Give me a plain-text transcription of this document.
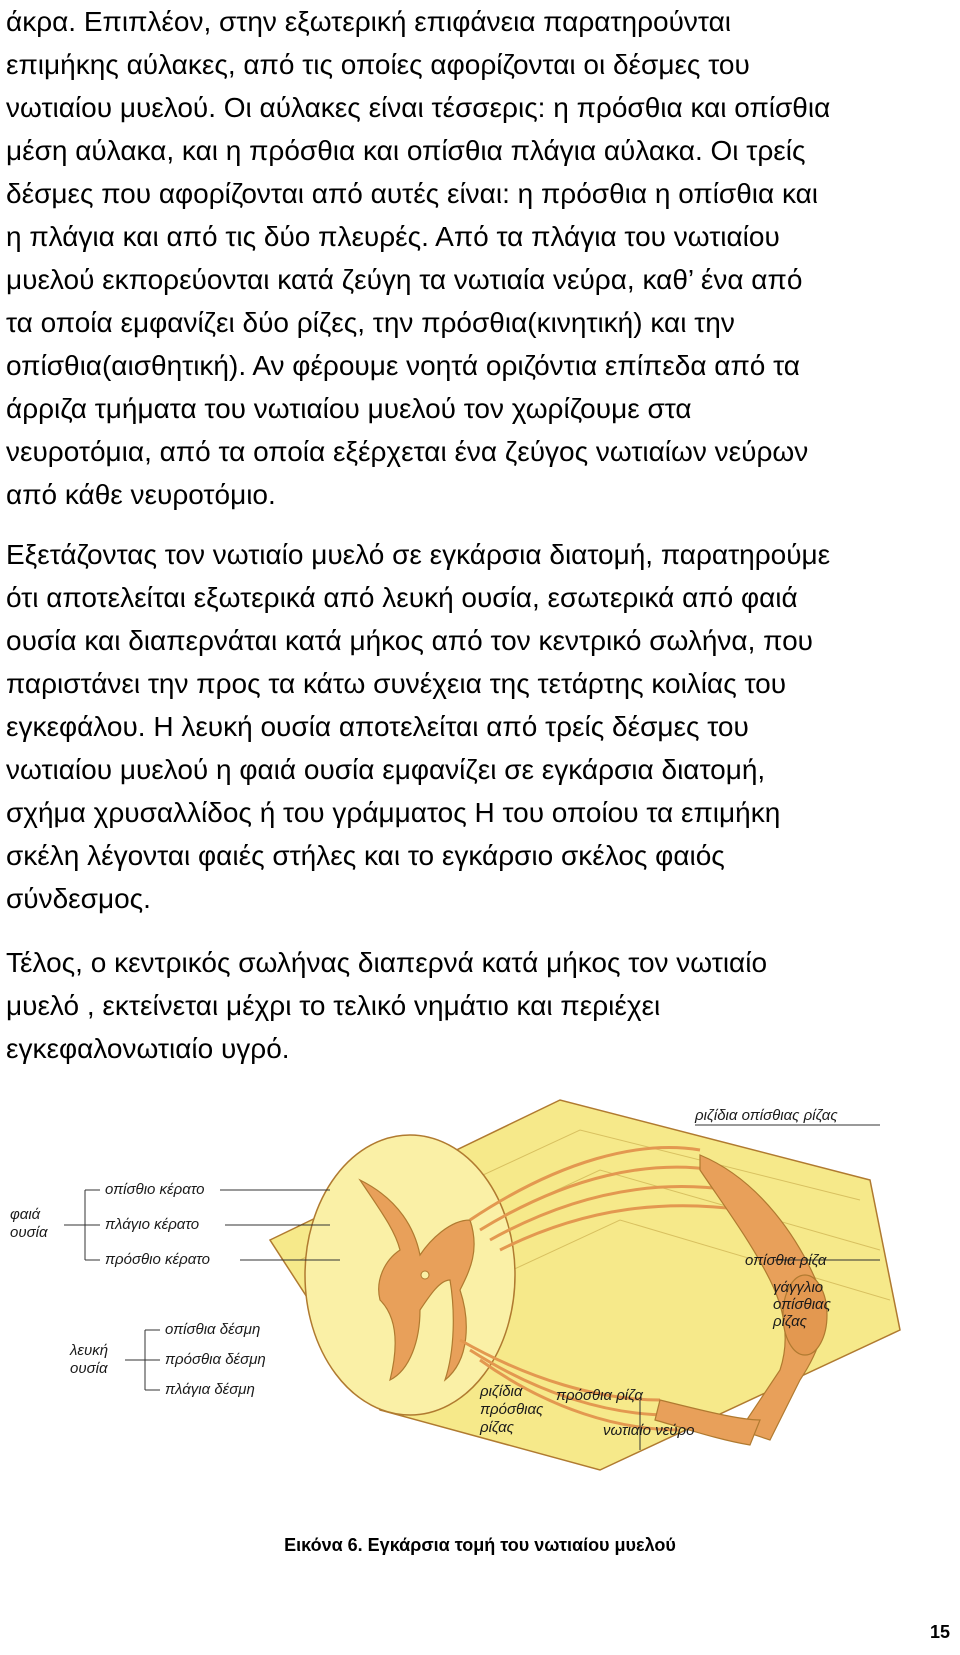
άκρα. Επιπλέον, στην εξωτερική επιφάνεια παρατηρούνται
επιμήκης αύλακες, από τις οποίες αφορίζονται οι δέσμες του
νωτιαίου μυελού. Οι αύλακες είναι τέσσερις: η πρόσθια και οπίσθια
μέση αύλακα, και η πρόσθια και οπίσθια πλάγια αύλακα. Οι τρείς
δέσμες που αφορίζονται από αυτές είναι: η πρόσθια η οπίσθια και
η πλάγια και από τις δύο πλευρές. Από τα πλάγια του νωτιαίου
μυελού εκπορεύονται κατά ζεύγη τα νωτιαία νεύρα, καθ’ ένα από
τα οποία εμφανίζει δύο ρίζες, την πρόσθια(κινητική) και την
οπίσθια(αισθητική). Αν φέρουμε νοητά οριζόντια επίπεδα από τα
άρριζα τμήματα του νωτιαίου μυελού τον χωρίζουμε στα
νευροτόμια, από τα οποία εξέρχεται ένα ζεύγος νωτιαίων νεύρων
από κάθε νευροτόμιο.

Εξετάζοντας τον νωτιαίο μυελό σε εγκάρσια διατομή, παρατηρούμε
ότι αποτελείται εξωτερικά από λευκή ουσία, εσωτερικά από φαιά
ουσία και διαπερνάται κατά μήκος από τον κεντρικό σωλήνα, που
παριστάνει την προς τα κάτω συνέχεια της τετάρτης κοιλίας του
εγκεφάλου. Η λευκή ουσία αποτελείται από τρείς δέσμες του
νωτιαίου μυελού η φαιά ουσία εμφανίζει σε εγκάρσια διατομή,
σχήμα χρυσαλλίδος ή του γράμματος Η του οποίου τα επιμήκη
σκέλη λέγονται φαιές στήλες και το εγκάρσιο σκέλος φαιός
σύνδεσμος.

Τέλος, ο κεντρικός σωλήνας διαπερνά κατά μήκος τον νωτιαίο
μυελό , εκτείνεται μέχρι το τελικό νημάτιο και περιέχει
εγκεφαλονωτιαίο υγρό.

φαιά
ουσία
οπίσθιο κέρατο
πλάγιο κέρατο
πρόσθιο κέρατο
λευκή
ουσία
οπίσθια δέσμη
πρόσθια δέσμη
πλάγια δέσμη
ριζίδια οπίσθιας ρίζας
οπίσθια ρίζα
γάγγλιο
οπίσθιας
ρίζας
ριζίδια
πρόσθιας
ρίζας
πρόσθια ρίζα
νωτιαίο νεύρο
Εικόνα 6. Εγκάρσια τομή του νωτιαίου μυελού
15
